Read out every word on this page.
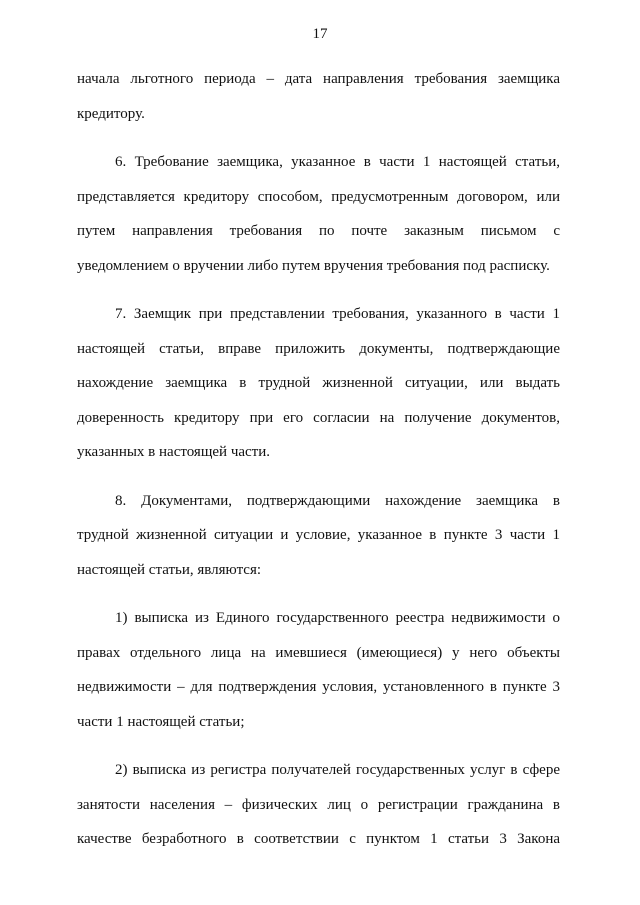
17

начала льготного периода – дата направления требования заемщика
кредитору.

6. Требование заемщика, указанное в части 1 настоящей статьи,
представляется кредитору способом, предусмотренным договором, или
путем направления требования по почте заказным письмом с
уведомлением о вручении либо путем вручения требования под расписку.

7. Заемщик при представлении требования, указанного в части 1
настоящей статьи, вправе приложить документы, подтверждающие
нахождение заемщика в трудной жизненной ситуации, или выдать
доверенность кредитору при его согласии на получение документов,
указанных в настоящей части.

8. Документами, подтверждающими нахождение заемщика в
трудной жизненной ситуации и условие, указанное в пункте 3 части 1
настоящей статьи, являются:

1) выписка из Единого государственного реестра недвижимости о
правах отдельного лица на имевшиеся (имеющиеся) у него объекты
недвижимости – для подтверждения условия, установленного в пункте 3
части 1 настоящей статьи;

2) выписка из регистра получателей государственных услуг в сфере
занятости населения – физических лиц о регистрации гражданина в
качестве безработного в соответствии с пунктом 1 статьи 3 Закона
